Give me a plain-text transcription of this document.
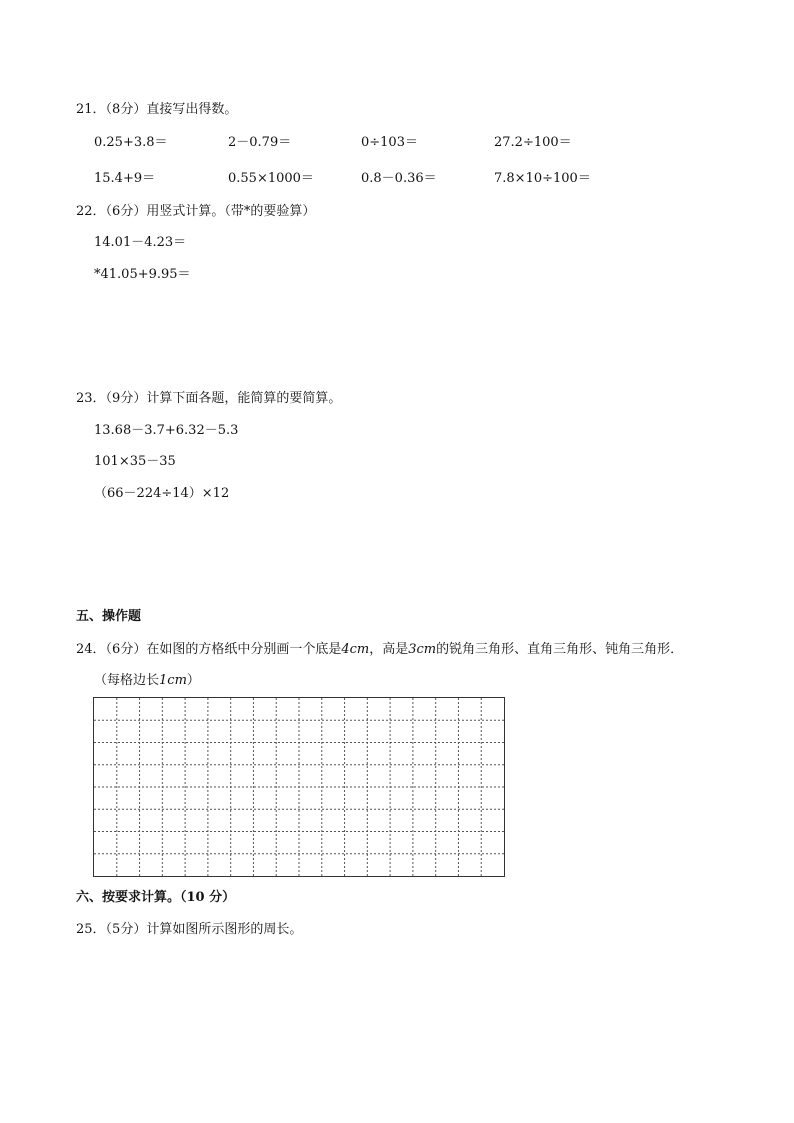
21．（8分）直接写出得数。
0.25+3.8＝	2－0.79＝	0÷103＝	27.2÷100＝
15.4+9＝	0.55×1000＝	0.8－0.36＝	7.8×10÷100＝
22．（6分）用竖式计算。（带*的要验算）
14.01－4.23＝
*41.05+9.95＝
23．（9分）计算下面各题，能简算的要简算。
13.68－3.7+6.32－5.3
101×35－35
（66－224÷14）×12
五、操作题
24．（6分）在如图的方格纸中分别画一个底是4cm，高是3cm的锐角三角形、直角三角形、钝角三角形．
（每格边长1cm）
六、按要求计算。（10 分）
25．（5分）计算如图所示图形的周长。
